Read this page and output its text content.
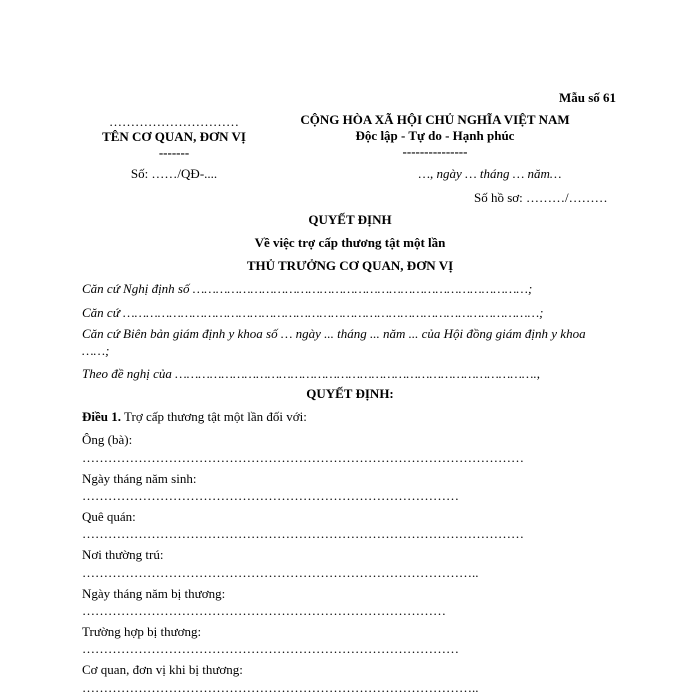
Mẫu số 61
…………………………
TÊN CƠ QUAN, ĐƠN VỊ
-------
Số: ……/QĐ-....
CỘNG HÒA XÃ HỘI CHỦ NGHĨA VIỆT NAM
Độc lập - Tự do - Hạnh phúc
---------------
…, ngày … tháng … năm…
Số hồ sơ: ………/………
QUYẾT ĐỊNH
Về việc trợ cấp thương tật một lần
THỦ TRƯỞNG CƠ QUAN, ĐƠN VỊ
Căn cứ Nghị định số ……………………………………………………………………………;
Căn cứ ………………………………………………………………………………………………;
Căn cứ Biên bản giám định y khoa số … ngày ... tháng ... năm ... của Hội đồng giám định y khoa
……;
Theo đề nghị của ………………………………………………………………………………….,
QUYẾT ĐỊNH:
Điều 1. Trợ cấp thương tật một lần đối với:
Ông (bà):
…………………………………………………………………………………………
Ngày tháng năm sinh:
……………………………………………………………………………
Quê quán:
…………………………………………………………………………………………
Nơi thường trú:
………………………………………………………………………………..
Ngày tháng năm bị thương:
…………………………………………………………………………
Trường hợp bị thương:
……………………………………………………………………………
Cơ quan, đơn vị khi bị thương:
………………………………………………………………………………..
